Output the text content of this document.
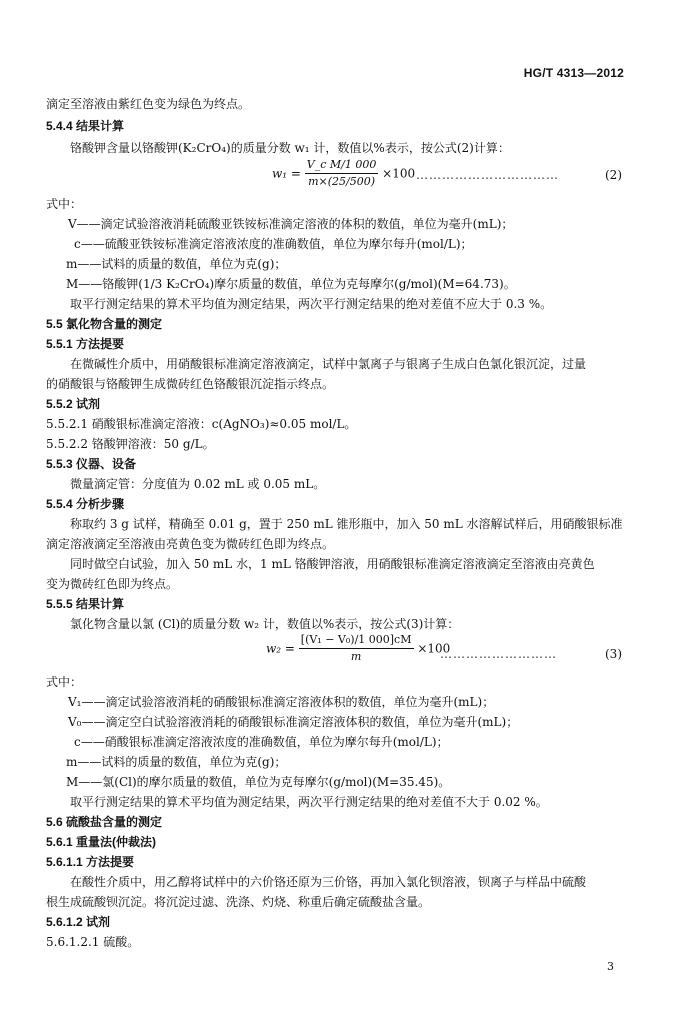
HG/T 4313—2012
滴定至溶液由紫红色变为绿色为终点。
5.4.4 结果计算
铬酸钾含量以铬酸钾(K₂CrO₄)的质量分数 w₁ 计，数值以%表示，按公式(2)计算：
$w_1 = \frac{\text{V\_c M/1 000}}{m\times(25/500)} \times 100$ ……………………………	(2)
式中：
V——滴定试验溶液消耗硫酸亚铁铵标准滴定溶液的体积的数值，单位为毫升(mL)；
c——硫酸亚铁铵标准滴定溶液浓度的准确数值，单位为摩尔每升(mol/L)；
m——试料的质量的数值，单位为克(g)；
M——铬酸钾(1/3 K₂CrO₄)摩尔质量的数值，单位为克每摩尔(g/mol)(M=64.73)。
取平行测定结果的算术平均值为测定结果，两次平行测定结果的绝对差值不应大于 0.3 %。
5.5 氯化物含量的测定
5.5.1 方法提要
在微碱性介质中，用硝酸银标准滴定溶液滴定，试样中氯离子与银离子生成白色氯化银沉淀，过量
的硝酸银与铬酸钾生成微砖红色铬酸银沉淀指示终点。
5.5.2 试剂
5.5.2.1 硝酸银标准滴定溶液：c(AgNO₃)≈0.05 mol/L。
5.5.2.2 铬酸钾溶液：50 g/L。
5.5.3 仪器、设备
微量滴定管：分度值为 0.02 mL 或 0.05 mL。
5.5.4 分析步骤
称取约 3 g 试样，精确至 0.01 g，置于 250 mL 锥形瓶中，加入 50 mL 水溶解试样后，用硝酸银标准
滴定溶液滴定至溶液由亮黄色变为微砖红色即为终点。
同时做空白试验，加入 50 mL 水，1 mL 铬酸钾溶液，用硝酸银标准滴定溶液滴定至溶液由亮黄色
变为微砖红色即为终点。
5.5.5 结果计算
氯化物含量以氯 (Cl)的质量分数 w₂ 计，数值以%表示，按公式(3)计算：
$w_2 = \frac{\text{[(V₁ − V₀)/1 000]cM}}{m} \times 100$
………………………	(3)
式中：
V₁——滴定试验溶液消耗的硝酸银标准滴定溶液体积的数值，单位为毫升(mL)；
V₀——滴定空白试验溶液消耗的硝酸银标准滴定溶液体积的数值，单位为毫升(mL)；
c——硝酸银标准滴定溶液浓度的准确数值，单位为摩尔每升(mol/L)；
m——试料的质量的数值，单位为克(g)；
M——氯(Cl)的摩尔质量的数值，单位为克每摩尔(g/mol)(M=35.45)。
取平行测定结果的算术平均值为测定结果，两次平行测定结果的绝对差值不大于 0.02 %。
5.6 硫酸盐含量的测定
5.6.1 重量法(仲裁法)
5.6.1.1 方法提要
在酸性介质中，用乙醇将试样中的六价铬还原为三价铬，再加入氯化钡溶液，钡离子与样品中硫酸
根生成硫酸钡沉淀。将沉淀过滤、洗涤、灼烧、称重后确定硫酸盐含量。
5.6.1.2 试剂
5.6.1.2.1 硫酸。
3
